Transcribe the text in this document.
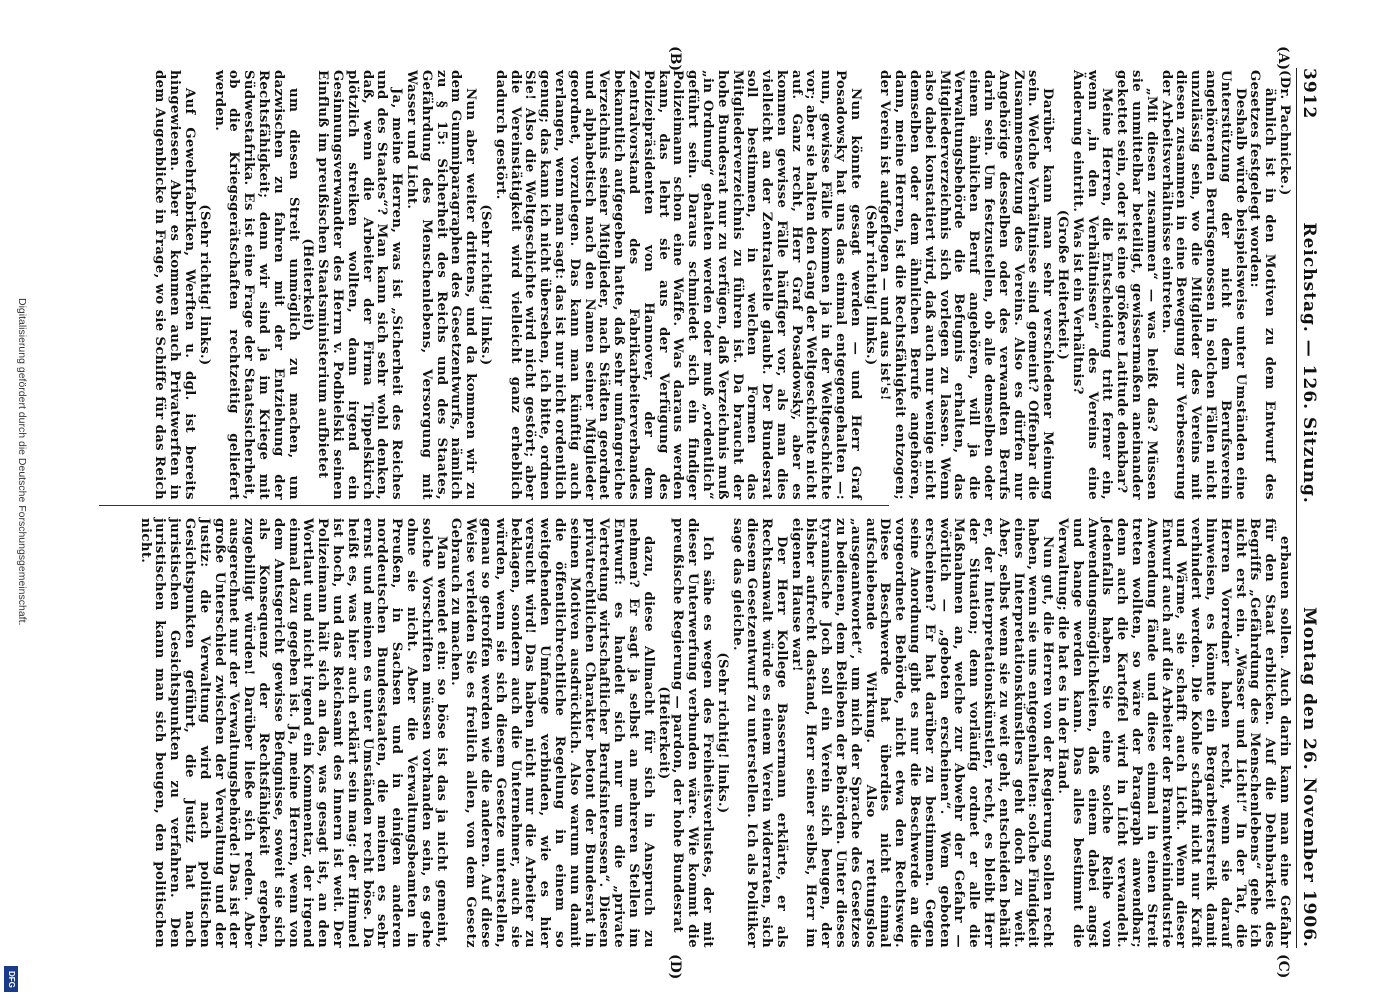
3912
Reichstag. — 126. Sitzung.
Montag den 26. November 1906.
(A)
(B)
(C)
(D)

(Dr. Pachnicke.)

ähnlich ist in den Motiven zu dem Entwurf des Gesetzes festgelegt worden:

Deshalb würde beispielsweise unter Umständen eine Unterstützung der nicht dem Berufsverein angehörenden Berufsgenossen in solchen Fällen nicht unzulässig sein, wo die Mitglieder des Vereins mit diesen zusammen in eine Bewegung zur Verbesserung der Arbeitsverhältnisse eintreten.

„Mit diesen zusammen“ — was heißt das? Müssen sie unmittelbar beteiligt, gewissermaßen aneinander gekettet sein, oder ist eine größere Latitude denkbar?

Meine Herren, die Entscheidung tritt ferner ein, wenn „in den Verhältnissen“ des Vereins eine Änderung eintritt. Was ist ein Verhältnis?

(Große Heiterkeit.)

Darüber kann man sehr verschiedener Meinung sein. Welche Verhältnisse sind gemeint? Offenbar die Zusammensetzung des Vereins. Also es dürfen nur Angehörige desselben oder des verwandten Berufs darin sein. Um festzustellen, ob alle demselben oder einem ähnlichen Beruf angehören, will ja die Verwaltungsbehörde die Befugnis erhalten, das Mitgliederverzeichnis sich vorlegen zu lassen. Wenn also dabei konstatiert wird, daß auch nur wenige nicht demselben oder dem ähnlichen Berufe angehören, dann, meine Herren, ist die Rechtsfähigkeit entzogen; der Verein ist aufgeflogen — und aus ist's!

(Sehr richtig! links.)

Nun könnte gesagt werden — und Herr Graf Posadowsky hat uns das einmal entgegengehalten —: nun, gewisse Fälle kommen ja in der Weltgeschichte vor; aber sie halten den Gang der Weltgeschichte nicht auf. Ganz recht, Herr Graf Posadowsky, aber es kommen gewisse Fälle häufiger vor, als man dies vielleicht an der Zentralstelle glaubt. Der Bundesrat soll bestimmen, in welchen Formen das Mitgliederverzeichnis zu führen ist. Da braucht der hohe Bundesrat nur zu verfügen, daß Verzeichnis muß „in Ordnung“ gehalten werden oder muß „ordentlich“ geführt sein. Daraus schmiedet sich ein findiger Polizeimann schon eine Waffe. Was daraus werden kann, das lehrt sie aus der Verfügung des Polizeipräsidenten von Hannover, der dem Zentralvorstand des Fabrikarbeiterverbandes bekanntlich aufgegeben hatte, daß sehr umfangreiche Verzeichnis seiner Mitglieder, nach Städten geordnet und alphabetisch nach den Namen seiner Mitglieder geordnet, vorzulegen. Das kann man künftig auch verlangen, wenn man sagt: das ist nur nicht ordentlich genug; das kann ich nicht übersehen, ich bitte, ordnen Sie! Also die Weltgeschichte wird nicht gestört; aber die Vereinstätigkeit wird vielleicht ganz erheblich dadurch gestört.

(Sehr richtig! links.)

Nun aber weiter drittens, und da kommen wir zu dem Gummiparagraphen des Gesetzentwurfs, nämlich zu § 15: Sicherheit des Reichs und des Staates, Gefährdung des Menschenlebens, Versorgung mit Wasser und Licht.

Ja, meine Herren, was ist „Sicherheit des Reiches und des Staates“? Man kann sich sehr wohl denken, daß, wenn die Arbeiter der Firma Tippelskirch plötzlich streiken wollten, dann irgend ein Gesinnungsverwandter des Herrn v. Podbielski seinen Einfluß im preußischen Staatsministerium aufbietet

(Heiterkeit)

um diesen Streit unmöglich zu machen, um dazwischen zu fahren mit der Entziehung der Rechtsfähigkeit; denn wir sind ja im Kriege mit Südwestafrika. Es ist eine Frage der Staatssicherheit, ob die Kriegsgerätschaften rechtzeitig geliefert werden.

(Sehr richtig! links.)

Auf Gewehrfabriken, Werften u. dgl. ist bereits hingewiesen. Aber es kommen auch Privatwerften in dem Augenblicke in Frage, wo sie Schiffe für das Reich

erbauen sollen. Auch darin kann man eine Gefahr für den Staat erblicken. Auf die Dehnbarkeit des Begriffs „Gefährdung des Menschenlebens“ gehe ich nicht erst ein. „Wasser und Licht!“ In der Tat, die Herren Vorredner haben recht, wenn sie darauf hinweisen, es könnte ein Bergarbeiterstreik damit verhindert werden. Die Kohle schafft nicht nur Kraft und Wärme, sie schafft auch Licht. Wenn dieser Entwurf auch auf die Arbeiter der Branntweinindustrie Anwendung fände und diese einmal in einen Streit treten wollten, so wäre der Paragraph anwendbar; denn auch die Kartoffel wird in Licht verwandelt. Jedenfalls haben Sie eine solche Reihe von Anwendungsmöglichkeiten, daß einem dabei angst und bange werden kann. Das alles bestimmt die Verwaltung; die hat es in der Hand.

Nun gut, die Herren von der Regierung sollen recht haben, wenn sie uns entgegenhalten: solche Findigkeit eines Interpretationskünstlers geht doch zu weit. Aber, selbst wenn sie zu weit geht, entscheiden behält er, der Interpretationskünstler, recht, es bleibt Herr der Situation; denn vorläufig ordnet er alle die Maßnahmen an, welche zur Abwehr der Gefahr — wörtlich — „geboten erscheinen“. Wem geboten erscheinen? Er hat darüber zu bestimmen. Gegen seine Anordnung gibt es nur die Beschwerde an die vorgeordnete Behörde, nicht etwa den Rechtsweg. Diese Beschwerde hat überdies nicht einmal aufschiebende Wirkung. Also rettungslos „ausgeantwortet“, um mich der Sprache des Gesetzes zu bedienen, dem Belieben der Behörden. Unter dieses tyrannische Joch soll ein Verein sich beugen, der bisher aufrecht dastand, Herr seiner selbst, Herr im eigenen Hause war!

Der Herr Kollege Bassermann erklärte, er als Rechtsanwalt würde es einem Verein widerraten, sich diesem Gesetzentwurf zu unterstellen. Ich als Politiker sage das gleiche.

(Sehr richtig! links.)

Ich sähe es wegen des Freiheitsverlustes, der mit dieser Unterwerfung verbunden wäre. Wie kommt die preußische Regierung — pardon, der hohe Bundesrat

(Heiterkeit)

dazu, diese Allmacht für sich in Anspruch zu nehmen? Er sagt ja selbst an mehreren Stellen im Entwurf: es handelt sich nur um die „private Vertretung wirtschaftlicher Berufsinteressen“. Diesen privatrechtlichen Charakter betont der Bundesrat in seinen Motiven ausdrücklich. Also warum nun damit die öffentlichrechtliche Regelung in einem so weitgehenden Umfange verbinden, wie es hier versucht wird! Das haben nicht nur die Arbeiter zu beklagen, sondern auch die Unternehmer, auch sie würden, wenn sie sich diesem Gesetze unterstellen, genau so getroffen werden wie die anderen. Auf diese Weise verleiden Sie es freilich allen, von dem Gesetz Gebrauch zu machen.

Man wendet ein: so böse ist das ja nicht gemeint, solche Vorschriften müssen vorhanden sein, es gehe ohne sie nicht. Aber die Verwaltungsbeamten in Preußen, in Sachsen und in einigen anderen norddeutschen Bundesstaaten, die meinen es sehr ernst und meinen es unter Umständen recht böse. Da heißt es, was hier auch erklärt sein mag: der Himmel ist hoch, und das Reichsamt des Innern ist weit. Der Polizeimann hält sich an das, was gesagt ist, an den Wortlaut und nicht irgend ein Kommentar, der irgend einmal dazu gegeben ist. Ja, meine Herren, wenn von dem Amtsgericht gewisse Befugnisse, soweit sie sich als Konsequenz der Rechtsfähigkeit ergeben, zugebilligt würden! Darüber ließe sich reden. Aber ausgerechnet nur der Verwaltungsbehörde! Das ist der große Unterschied zwischen der Verwaltung und der Justiz: die Verwaltung wird nach politischen Gesichtspunkten geführt, die Justiz hat nach juristischen Gesichtspunkten zu verfahren. Den juristischen kann man sich beugen, den politischen nicht.

Digitalisierung gefördert durch die Deutsche Forschungsgemeinschaft.
DFG
